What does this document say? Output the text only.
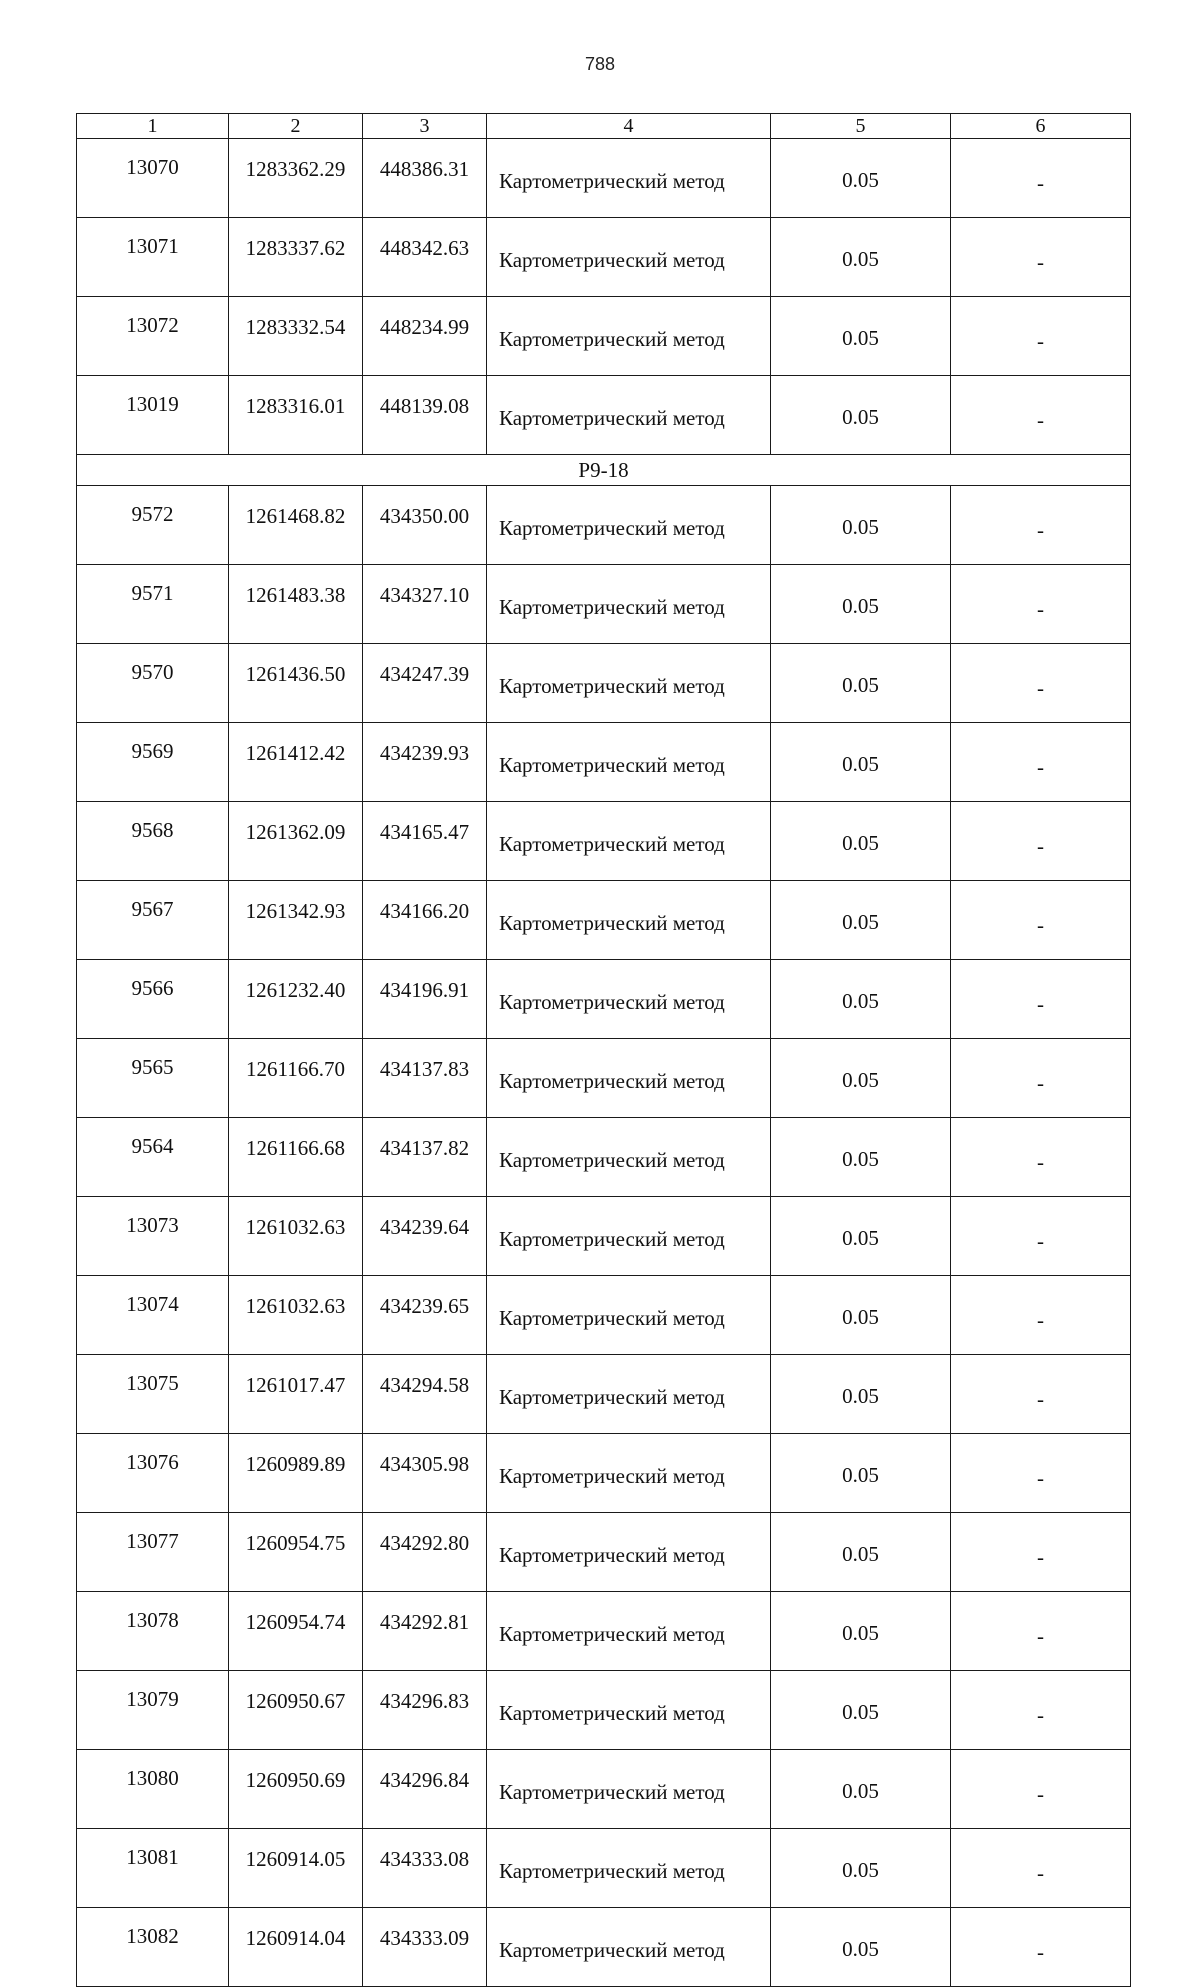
788
1	2	3	4	5	6
13070	1283362.29	448386.31	Картометрический метод	0.05	-
13071	1283337.62	448342.63	Картометрический метод	0.05	-
13072	1283332.54	448234.99	Картометрический метод	0.05	-
13019	1283316.01	448139.08	Картометрический метод	0.05	-
Р9-18					
9572	1261468.82	434350.00	Картометрический метод	0.05	-
9571	1261483.38	434327.10	Картометрический метод	0.05	-
9570	1261436.50	434247.39	Картометрический метод	0.05	-
9569	1261412.42	434239.93	Картометрический метод	0.05	-
9568	1261362.09	434165.47	Картометрический метод	0.05	-
9567	1261342.93	434166.20	Картометрический метод	0.05	-
9566	1261232.40	434196.91	Картометрический метод	0.05	-
9565	1261166.70	434137.83	Картометрический метод	0.05	-
9564	1261166.68	434137.82	Картометрический метод	0.05	-
13073	1261032.63	434239.64	Картометрический метод	0.05	-
13074	1261032.63	434239.65	Картометрический метод	0.05	-
13075	1261017.47	434294.58	Картометрический метод	0.05	-
13076	1260989.89	434305.98	Картометрический метод	0.05	-
13077	1260954.75	434292.80	Картометрический метод	0.05	-
13078	1260954.74	434292.81	Картометрический метод	0.05	-
13079	1260950.67	434296.83	Картометрический метод	0.05	-
13080	1260950.69	434296.84	Картометрический метод	0.05	-
13081	1260914.05	434333.08	Картометрический метод	0.05	-
13082	1260914.04	434333.09	Картометрический метод	0.05	-
